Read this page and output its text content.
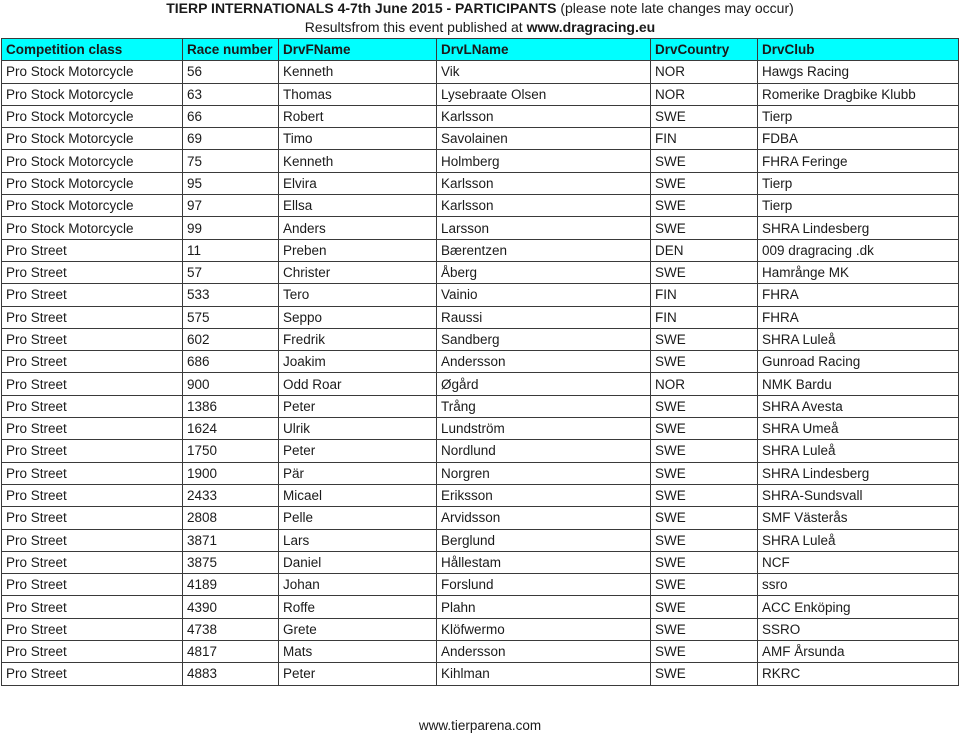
TIERP INTERNATIONALS 4-7th June 2015 - PARTICIPANTS (please note late changes may occur)
Resultsfrom this event published at www.dragracing.eu
Competition class	Race number	DrvFName	DrvLName	DrvCountry	DrvClub
Pro Stock Motorcycle	56	Kenneth	Vik	NOR	Hawgs Racing
Pro Stock Motorcycle	63	Thomas	Lysebraate Olsen	NOR	Romerike Dragbike Klubb
Pro Stock Motorcycle	66	Robert	Karlsson	SWE	Tierp
Pro Stock Motorcycle	69	Timo	Savolainen	FIN	FDBA
Pro Stock Motorcycle	75	Kenneth	Holmberg	SWE	FHRA Feringe
Pro Stock Motorcycle	95	Elvira	Karlsson	SWE	Tierp
Pro Stock Motorcycle	97	Ellsa	Karlsson	SWE	Tierp
Pro Stock Motorcycle	99	Anders	Larsson	SWE	SHRA Lindesberg
Pro Street	11	Preben	Bærentzen	DEN	009 dragracing .dk
Pro Street	57	Christer	Åberg	SWE	Hamrånge MK
Pro Street	533	Tero	Vainio	FIN	FHRA
Pro Street	575	Seppo	Raussi	FIN	FHRA
Pro Street	602	Fredrik	Sandberg	SWE	SHRA Luleå
Pro Street	686	Joakim	Andersson	SWE	Gunroad Racing
Pro Street	900	Odd Roar	Øgård	NOR	NMK Bardu
Pro Street	1386	Peter	Trång	SWE	SHRA Avesta
Pro Street	1624	Ulrik	Lundström	SWE	SHRA Umeå
Pro Street	1750	Peter	Nordlund	SWE	SHRA Luleå
Pro Street	1900	Pär	Norgren	SWE	SHRA Lindesberg
Pro Street	2433	Micael	Eriksson	SWE	SHRA-Sundsvall
Pro Street	2808	Pelle	Arvidsson	SWE	SMF Västerås
Pro Street	3871	Lars	Berglund	SWE	SHRA Luleå
Pro Street	3875	Daniel	Hållestam	SWE	NCF
Pro Street	4189	Johan	Forslund	SWE	ssro
Pro Street	4390	Roffe	Plahn	SWE	ACC Enköping
Pro Street	4738	Grete	Klöfwermo	SWE	SSRO
Pro Street	4817	Mats	Andersson	SWE	AMF Årsunda
Pro Street	4883	Peter	Kihlman	SWE	RKRC
www.tierparena.com
